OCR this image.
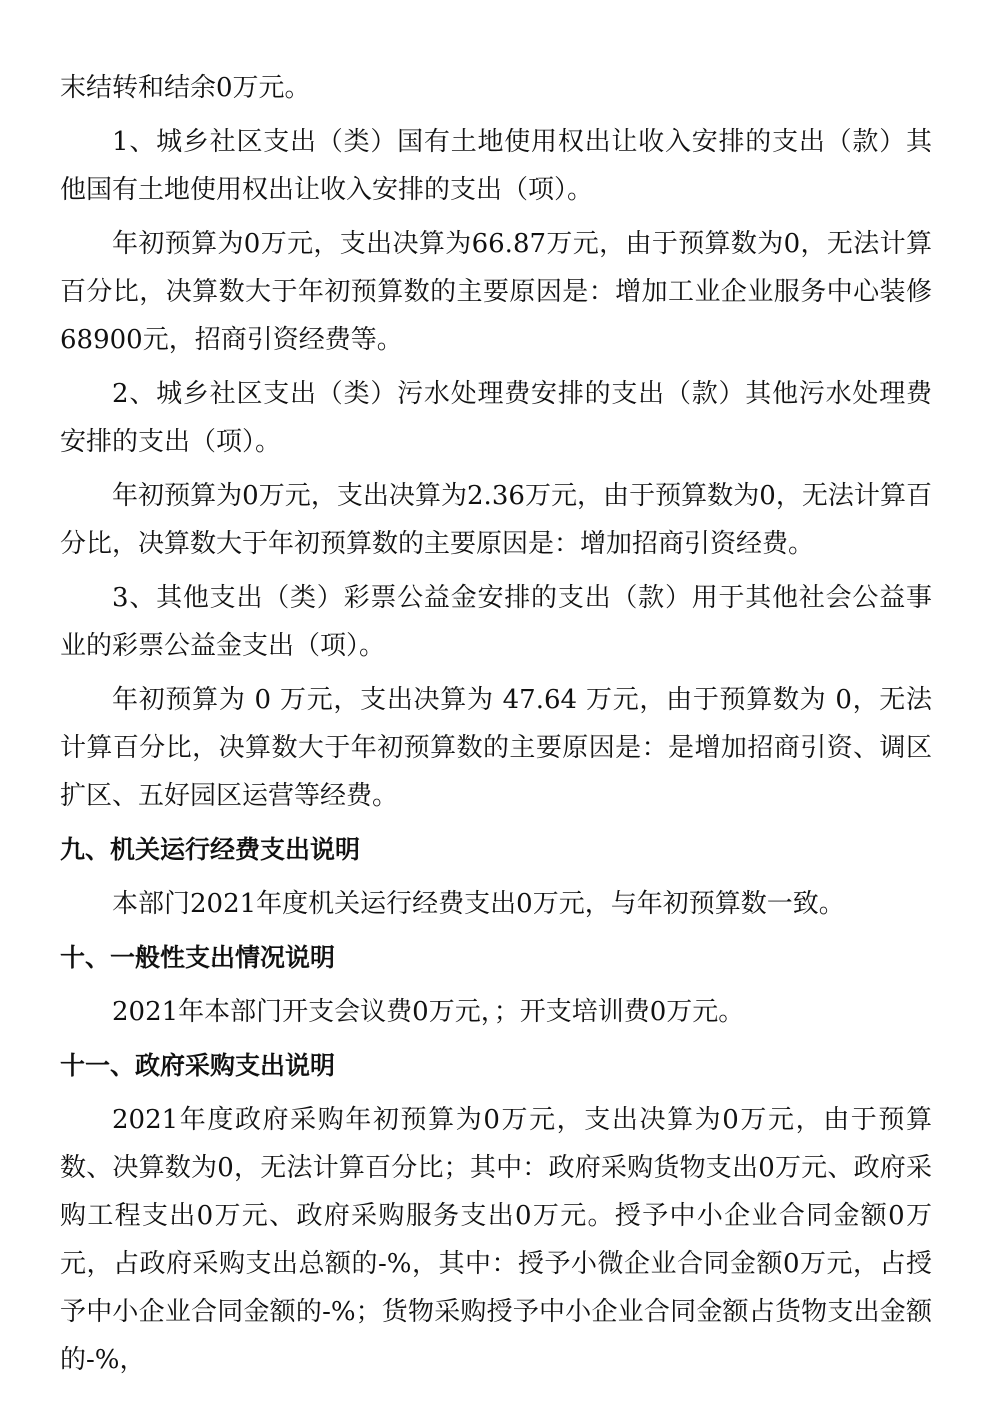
末结转和结余0万元。

1、城乡社区支出（类）国有土地使用权出让收入安排的支出（款）其他国有土地使用权出让收入安排的支出（项）。

年初预算为0万元，支出决算为66.87万元，由于预算数为0，无法计算百分比，决算数大于年初预算数的主要原因是：增加工业企业服务中心装修68900元，招商引资经费等。

2、城乡社区支出（类）污水处理费安排的支出（款）其他污水处理费安排的支出（项）。

年初预算为0万元，支出决算为2.36万元，由于预算数为0，无法计算百分比，决算数大于年初预算数的主要原因是：增加招商引资经费。

3、其他支出（类）彩票公益金安排的支出（款）用于其他社会公益事业的彩票公益金支出（项）。

年初预算为 0 万元，支出决算为 47.64 万元，由于预算数为 0，无法计算百分比，决算数大于年初预算数的主要原因是：是增加招商引资、调区扩区、五好园区运营等经费。

九、机关运行经费支出说明

本部门2021年度机关运行经费支出0万元，与年初预算数一致。

十、一般性支出情况说明

2021年本部门开支会议费0万元，；开支培训费0万元。

十一、政府采购支出说明

2021年度政府采购年初预算为0万元，支出决算为0万元，由于预算数、决算数为0，无法计算百分比；其中：政府采购货物支出0万元、政府采购工程支出0万元、政府采购服务支出0万元。授予中小企业合同金额0万元，占政府采购支出总额的-%，其中：授予小微企业合同金额0万元，占授予中小企业合同金额的-%；货物采购授予中小企业合同金额占货物支出金额的-%，
